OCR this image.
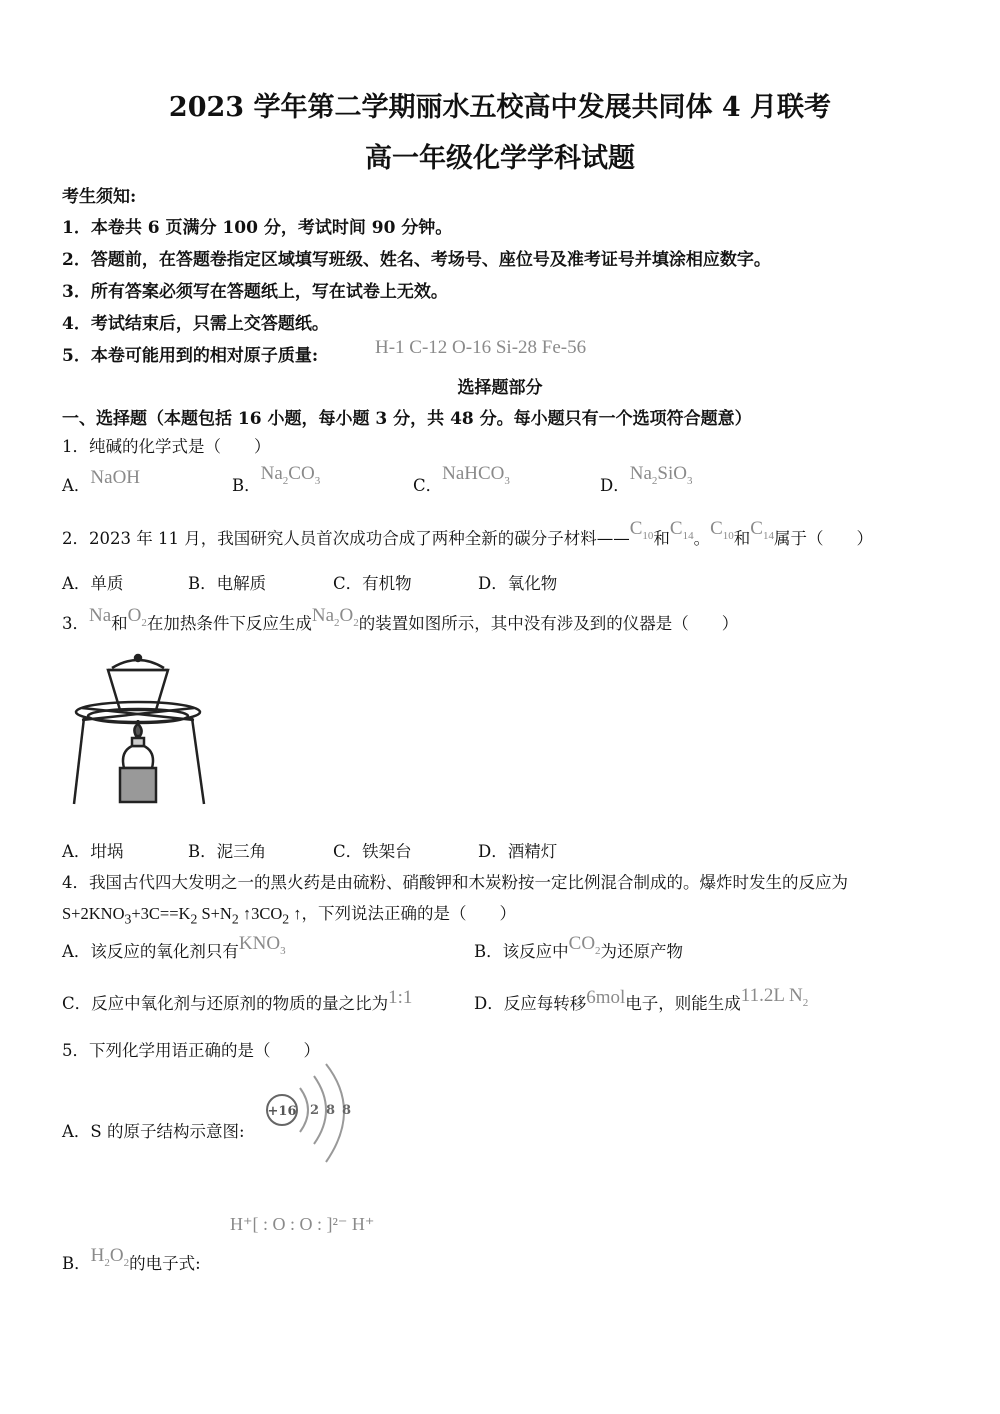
2023 学年第二学期丽水五校高中发展共同体 4 月联考
高一年级化学学科试题
考生须知:
1．本卷共 6 页满分 100 分，考试时间 90 分钟。
2．答题前，在答题卷指定区域填写班级、姓名、考场号、座位号及准考证号并填涂相应数字。
3．所有答案必须写在答题纸上，写在试卷上无效。
4．考试结束后，只需上交答题纸。
5．本卷可能用到的相对原子质量:	H-1 C-12 O-16 Si-28 Fe-56
选择题部分
一、选择题（本题包括 16 小题，每小题 3 分，共 48 分。每小题只有一个选项符合题意）
1．纯碱的化学式是（　　）
A．NaOH	B．$Na_2CO_3$	C．NaHCO$_3$	D．$Na_2SiO_3$
2．2023 年 11 月，我国研究人员首次成功合成了两种全新的碳分子材料$——C_{10}$和$C_{14}$。$C_{10}$和$C_{14}$属于（　　）
A．单质	B．电解质	C．有机物	D．氧化物
3．Na和$O_2$在加热条件下反应生成$Na_2O_2$的装置如图所示，其中没有涉及到的仪器是（　　）
A．坩埚	B．泥三角	C．铁架台	D．酒精灯
4．我国古代四大发明之一的黑火药是由硫粉、硝酸钾和木炭粉按一定比例混合制成的。爆炸时发生的反应为
$S+2KNO_3+3C==K_2$ $S+N_2$ $↑3CO_2$ ↑，下列说法正确的是（　　）
A．该反应的氧化剂只有$KNO_3$	B．该反应中$CO_2$为还原产物
C．反应中氧化剂与还原剂的物质的量之比为1:1	D．反应每转移6mol电子，则能生成11.2L $N_2$
5．下列化学用语正确的是（　　）
A．S 的原子结构示意图:
+16 2 8 8
H⁺[ : O : O : ]²⁻ H⁺
B．$H_2O_2$的电子式:
